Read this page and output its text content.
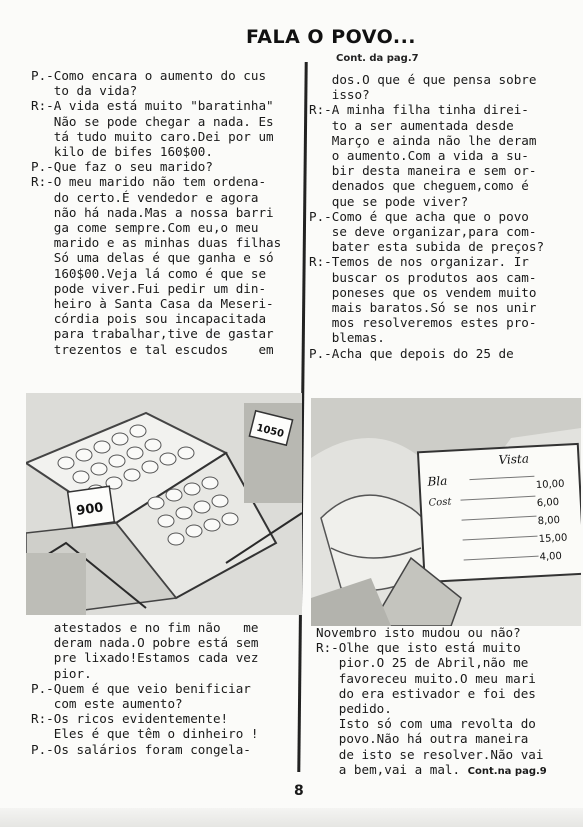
FALA O POVO...
Cont. da pag.7

P.-Como encara o aumento do cus

to da vida?

R:-A vida está muito "baratinha"

Não se pode chegar a nada. Es

tá tudo muito caro.Dei por um

kilo de bifes 160$00.

P.-Que faz o seu marido?

R:-O meu marido não tem ordena-

do certo.É vendedor e agora

não há nada.Mas a nossa barri

ga come sempre.Com eu,o meu

marido e as minhas duas filhas

Só uma delas é que ganha e só

160$00.Veja lá como é que se

pode viver.Fui pedir um din-

heiro à Santa Casa da Meseri-

córdia pois sou incapacitada

para trabalhar,tive de gastar

trezentos e tal escudos    em

dos.O que é que pensa sobre

isso?

R:-A minha filha tinha direi-

to a ser aumentada desde

Março e ainda não lhe deram

o aumento.Com a vida a su-

bir desta maneira e sem or-

denados que cheguem,como é

que se pode viver?

P.-Como é que acha que o povo

se deve organizar,para com-

bater esta subida de preços?

R:-Temos de nos organizar. Ir

buscar os produtos aos cam-

poneses que os vendem muito

mais baratos.Só se nos unir

mos resolveremos estes pro-

blemas.

P.-Acha que depois do 25 de

1050
900
Vista
Bla
Cost
10,00
6,00
8,00
15,00
4,00

atestados e no fim não   me

deram nada.O pobre está sem

pre lixado!Estamos cada vez

pior.

P.-Quem é que veio benificiar

com este aumento?

R:-Os ricos evidentemente!

Eles é que têm o dinheiro !

P.-Os salários foram congela-

Novembro isto mudou ou não?

R:-Olhe que isto está muito

pior.O 25 de Abril,não me

favoreceu muito.O meu mari

do era estivador e foi des

pedido.

Isto só com uma revolta do

povo.Não há outra maneira

de isto se resolver.Não vai

a bem,vai a mal. Cont.na pag.9

8
